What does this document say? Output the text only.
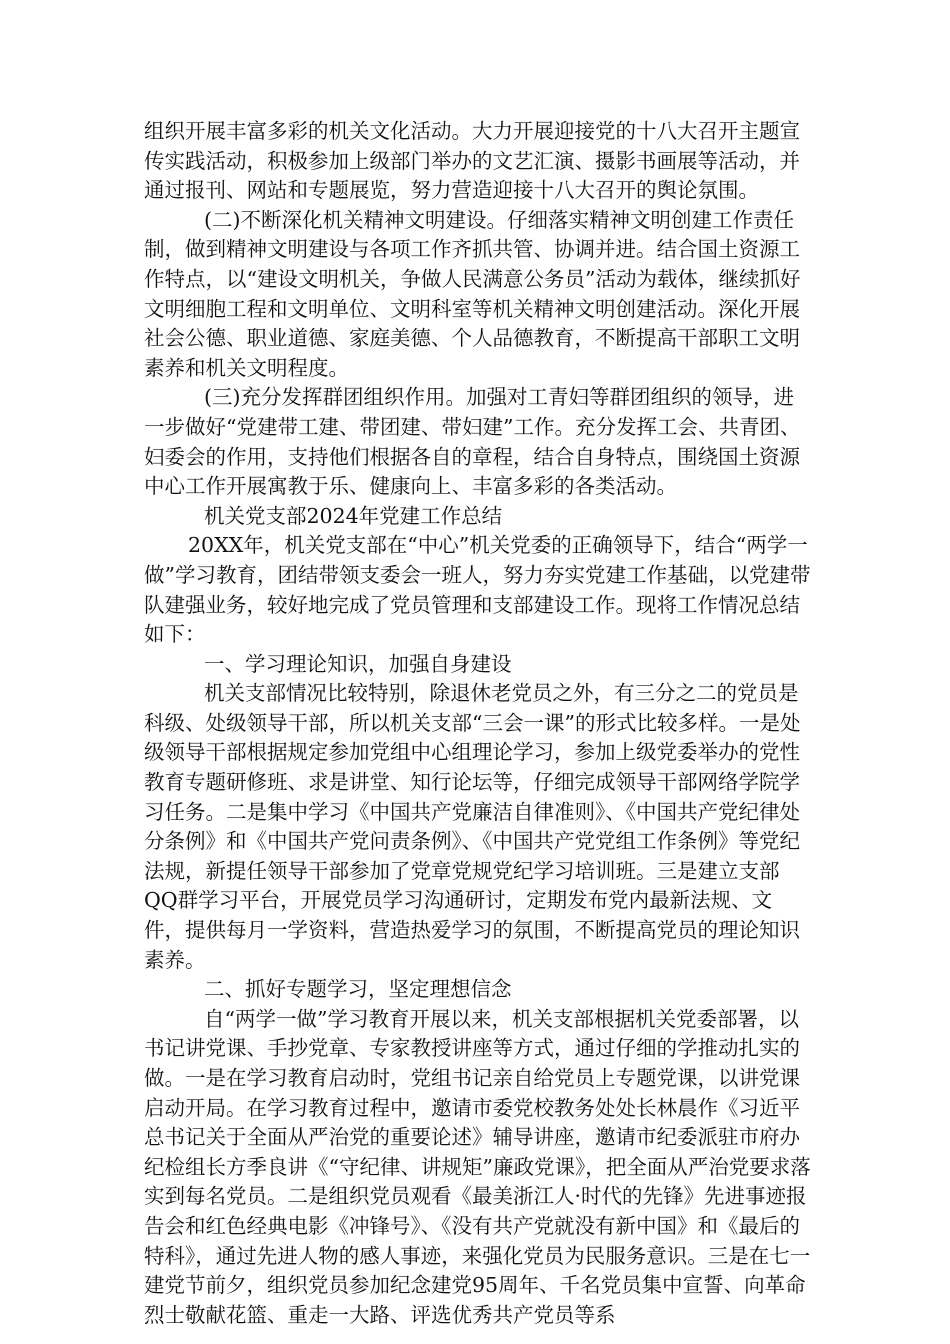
组织开展丰富多彩的机关文化活动。大力开展迎接党的十八大召开主题宣传实践活动，积极参加上级部门举办的文艺汇演、摄影书画展等活动，并通过报刊、网站和专题展览，努力营造迎接十八大召开的舆论氛围。

(二)不断深化机关精神文明建设。仔细落实精神文明创建工作责任制，做到精神文明建设与各项工作齐抓共管、协调并进。结合国土资源工作特点，以“建设文明机关，争做人民满意公务员”活动为载体，继续抓好文明细胞工程和文明单位、文明科室等机关精神文明创建活动。深化开展社会公德、职业道德、家庭美德、个人品德教育，不断提高干部职工文明素养和机关文明程度。

(三)充分发挥群团组织作用。加强对工青妇等群团组织的领导，进一步做好“党建带工建、带团建、带妇建”工作。充分发挥工会、共青团、妇委会的作用，支持他们根据各自的章程，结合自身特点，围绕国土资源中心工作开展寓教于乐、健康向上、丰富多彩的各类活动。

机关党支部2024年党建工作总结

20XX年，机关党支部在“中心”机关党委的正确领导下，结合“两学一做”学习教育，团结带领支委会一班人，努力夯实党建工作基础，以党建带队建强业务，较好地完成了党员管理和支部建设工作。现将工作情况总结如下：

一、学习理论知识，加强自身建设

机关支部情况比较特别，除退休老党员之外，有三分之二的党员是科级、处级领导干部，所以机关支部“三会一课”的形式比较多样。一是处级领导干部根据规定参加党组中心组理论学习，参加上级党委举办的党性教育专题研修班、求是讲堂、知行论坛等，仔细完成领导干部网络学院学习任务。二是集中学习《中国共产党廉洁自律准则》、《中国共产党纪律处分条例》和《中国共产党问责条例》、《中国共产党党组工作条例》等党纪法规，新提任领导干部参加了党章党规党纪学习培训班。三是建立支部QQ群学习平台，开展党员学习沟通研讨，定期发布党内最新法规、文件，提供每月一学资料，营造热爱学习的氛围，不断提高党员的理论知识素养。

二、抓好专题学习，坚定理想信念

自“两学一做”学习教育开展以来，机关支部根据机关党委部署，以书记讲党课、手抄党章、专家教授讲座等方式，通过仔细的学推动扎实的做。一是在学习教育启动时，党组书记亲自给党员上专题党课，以讲党课启动开局。在学习教育过程中，邀请市委党校教务处处长林晨作《习近平总书记关于全面从严治党的重要论述》辅导讲座，邀请市纪委派驻市府办纪检组长方季良讲《“守纪律、讲规矩”廉政党课》，把全面从严治党要求落实到每名党员。二是组织党员观看《最美浙江人·时代的先锋》先进事迹报告会和红色经典电影《冲锋号》、《没有共产党就没有新中国》和《最后的特科》，通过先进人物的感人事迹，来强化党员为民服务意识。三是在七一建党节前夕，组织党员参加纪念建党95周年、千名党员集中宣誓、向革命烈士敬献花篮、重走一大路、评选优秀共产党员等系
